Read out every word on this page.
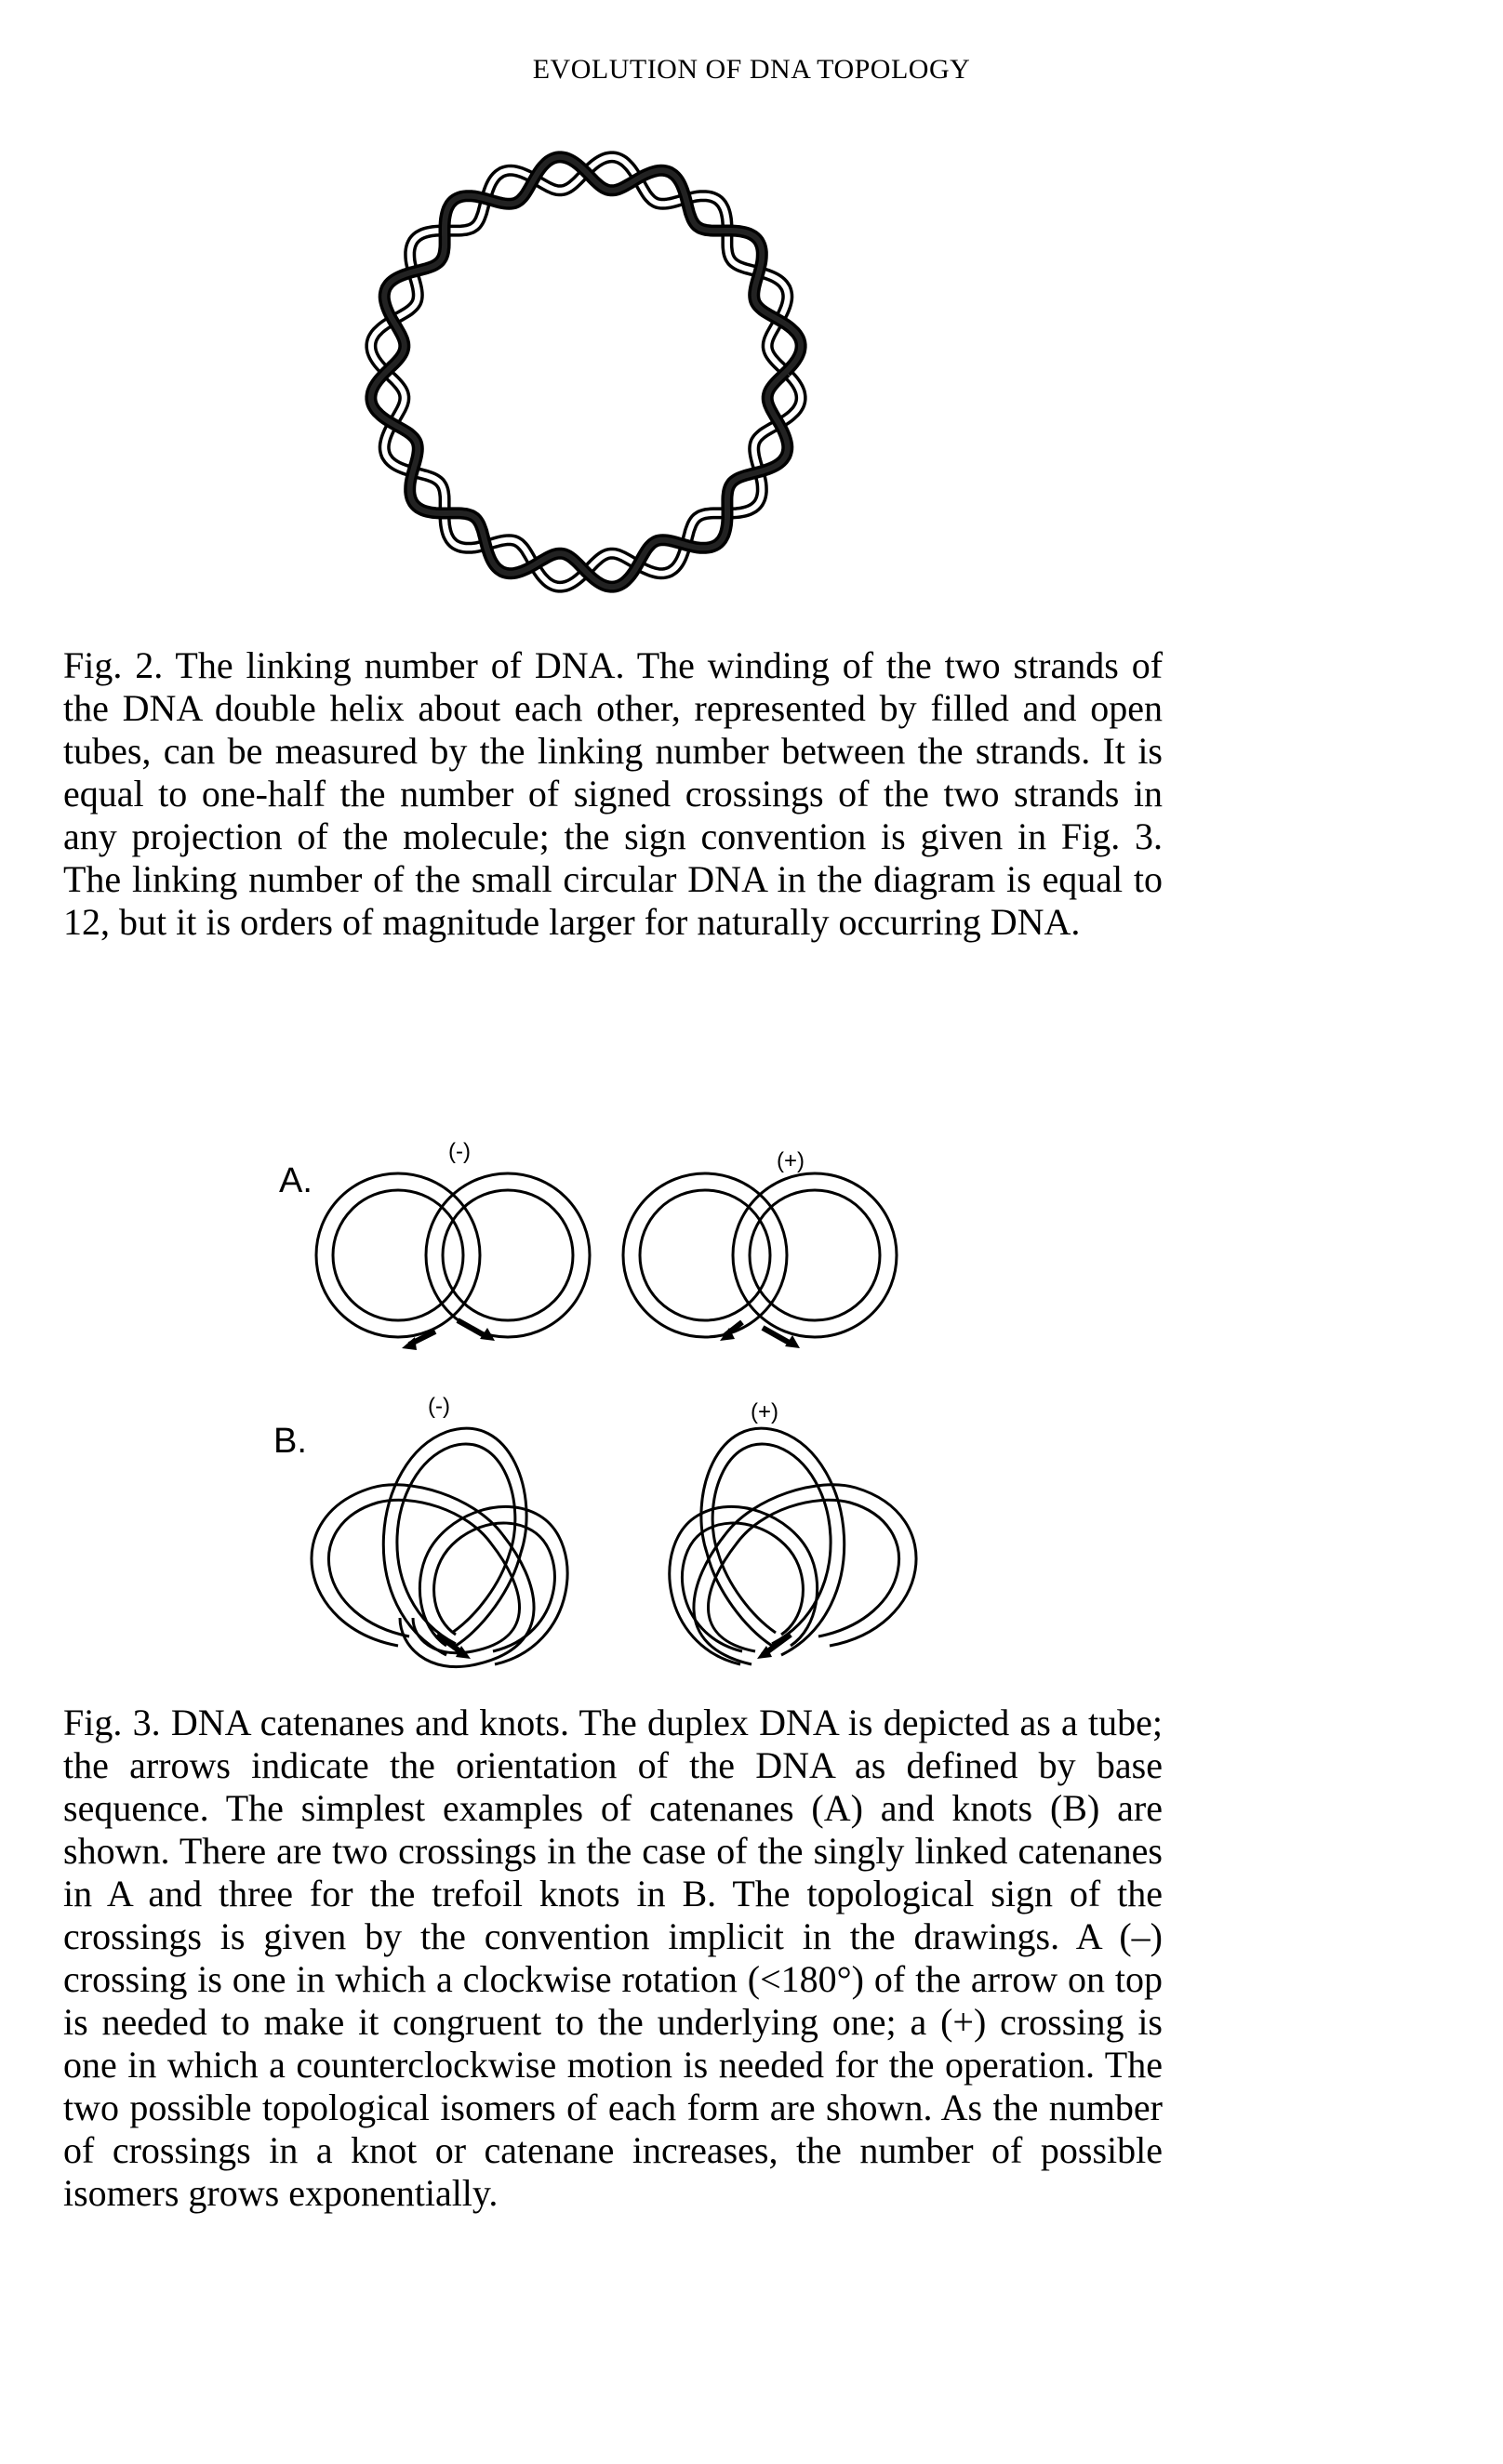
EVOLUTION OF DNA TOPOLOGY

Fig. 2. The linking number of DNA. The winding of the two strands of the DNA double helix about each other, represented by filled and open tubes, can be measured by the linking number between the strands. It is equal to one-half the number of signed crossings of the two strands in any projection of the molecule; the sign convention is given in Fig. 3. The linking number of the small circular DNA in the diagram is equal to 12, but it is orders of magnitude larger for naturally occurring DNA.

A.
B.
(-)	(+)
(-)	(+)

Fig. 3. DNA catenanes and knots. The duplex DNA is depicted as a tube; the arrows indicate the orientation of the DNA as defined by base sequence. The simplest examples of catenanes (A) and knots (B) are shown. There are two crossings in the case of the singly linked catenanes in A and three for the trefoil knots in B. The topological sign of the crossings is given by the convention implicit in the drawings. A (–) crossing is one in which a clockwise rotation (<180°) of the arrow on top is needed to make it congruent to the underlying one; a (+) crossing is one in which a counterclockwise motion is needed for the operation. The two possible topological isomers of each form are shown. As the number of crossings in a knot or catenane increases, the number of possible isomers grows exponentially.
